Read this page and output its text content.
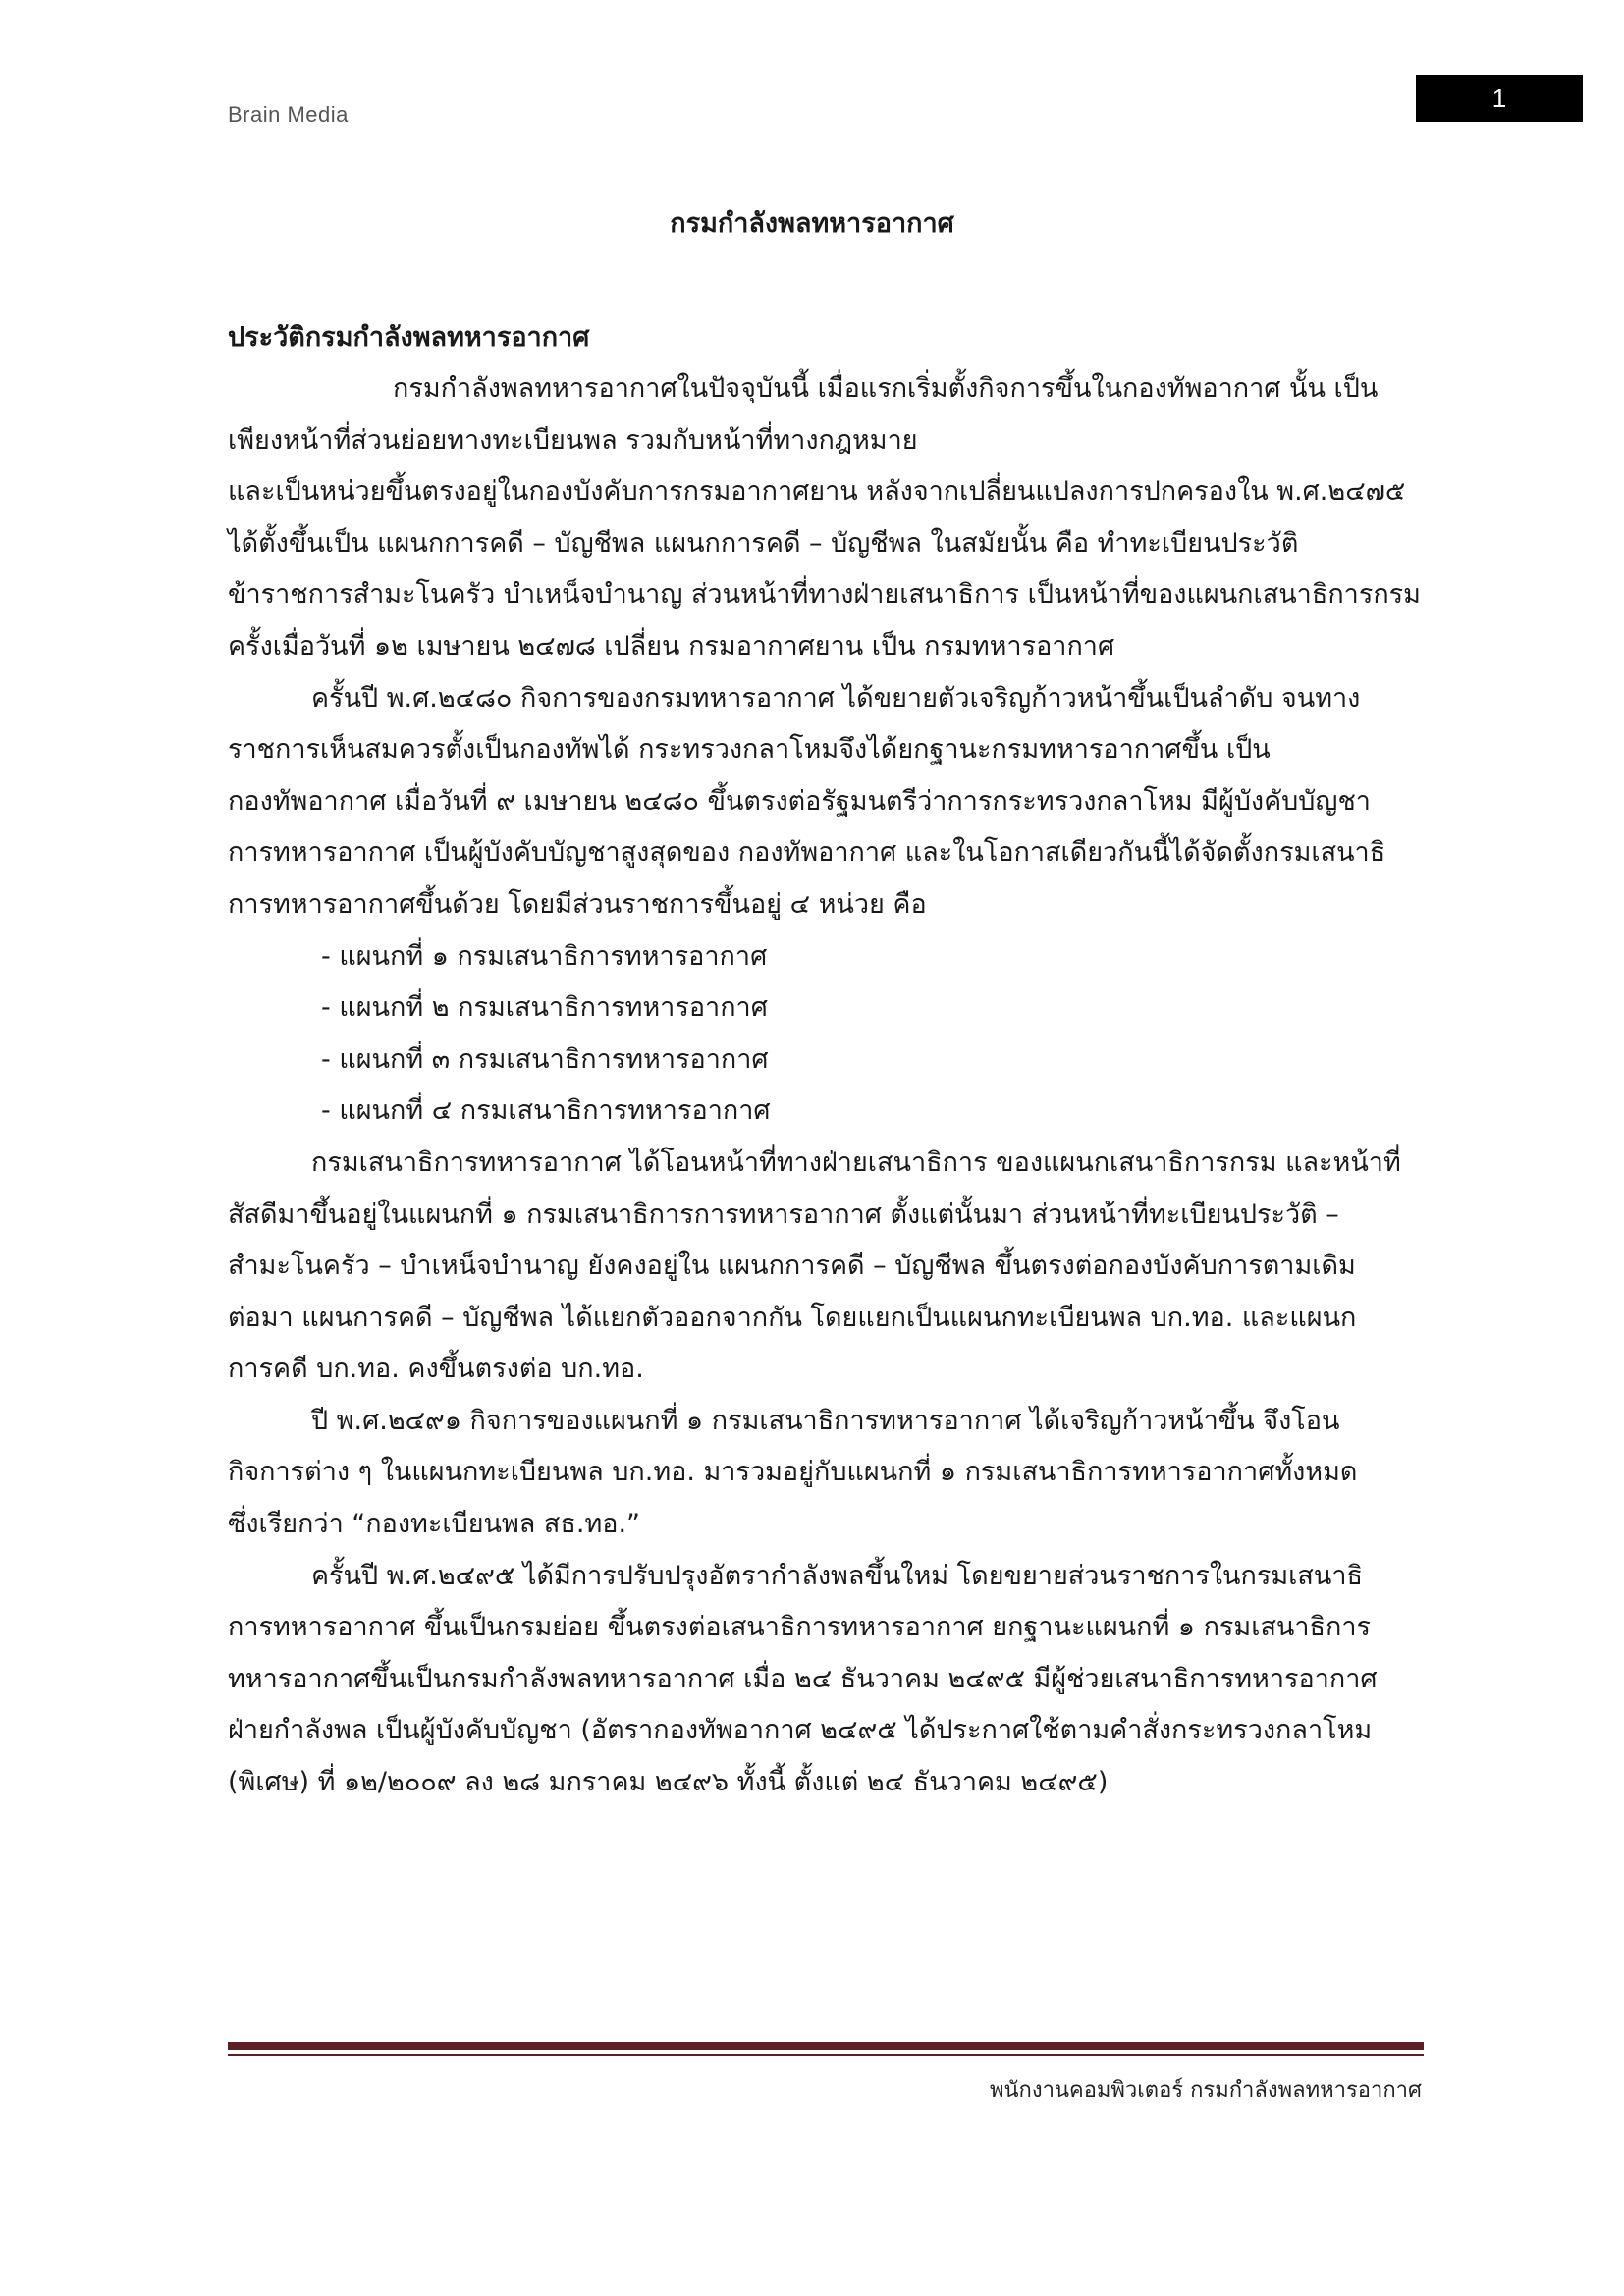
Brain Media
1
กรมกำลังพลทหารอากาศ
ประวัติกรมกำลังพลทหารอากาศ
กรมกำลังพลทหารอากาศในปัจจุบันนี้ เมื่อแรกเริ่มตั้งกิจการขึ้นในกองทัพอากาศ นั้น เป็น
เพียงหน้าที่ส่วนย่อยทางทะเบียนพล รวมกับหน้าที่ทางกฎหมาย
และเป็นหน่วยขึ้นตรงอยู่ในกองบังคับการกรมอากาศยาน หลังจากเปลี่ยนแปลงการปกครองใน พ.ศ.๒๔๗๕
ได้ตั้งขึ้นเป็น แผนกการคดี – บัญชีพล แผนกการคดี – บัญชีพล ในสมัยนั้น คือ ทำทะเบียนประวัติ
ข้าราชการสำมะโนครัว บำเหน็จบำนาญ ส่วนหน้าที่ทางฝ่ายเสนาธิการ เป็นหน้าที่ของแผนกเสนาธิการกรม
ครั้งเมื่อวันที่ ๑๒ เมษายน ๒๔๗๘ เปลี่ยน กรมอากาศยาน เป็น กรมทหารอากาศ
ครั้นปี พ.ศ.๒๔๘๐ กิจการของกรมทหารอากาศ ได้ขยายตัวเจริญก้าวหน้าขึ้นเป็นลำดับ จนทาง
ราชการเห็นสมควรตั้งเป็นกองทัพได้ กระทรวงกลาโหมจึงได้ยกฐานะกรมทหารอากาศขึ้น เป็น
กองทัพอากาศ เมื่อวันที่ ๙ เมษายน ๒๔๘๐ ขึ้นตรงต่อรัฐมนตรีว่าการกระทรวงกลาโหม มีผู้บังคับบัญชา
การทหารอากาศ เป็นผู้บังคับบัญชาสูงสุดของ กองทัพอากาศ และในโอกาสเดียวกันนี้ได้จัดตั้งกรมเสนาธิ
การทหารอากาศขึ้นด้วย โดยมีส่วนราชการขึ้นอยู่ ๔ หน่วย คือ
- แผนกที่ ๑ กรมเสนาธิการทหารอากาศ
- แผนกที่ ๒ กรมเสนาธิการทหารอากาศ
- แผนกที่ ๓ กรมเสนาธิการทหารอากาศ
- แผนกที่ ๔ กรมเสนาธิการทหารอากาศ
กรมเสนาธิการทหารอากาศ ได้โอนหน้าที่ทางฝ่ายเสนาธิการ ของแผนกเสนาธิการกรม และหน้าที่
สัสดีมาขึ้นอยู่ในแผนกที่ ๑ กรมเสนาธิการการทหารอากาศ ตั้งแต่นั้นมา ส่วนหน้าที่ทะเบียนประวัติ –
สำมะโนครัว – บำเหน็จบำนาญ ยังคงอยู่ใน แผนกการคดี – บัญชีพล ขึ้นตรงต่อกองบังคับการตามเดิม
ต่อมา แผนการคดี – บัญชีพล ได้แยกตัวออกจากกัน โดยแยกเป็นแผนกทะเบียนพล บก.ทอ. และแผนก
การคดี บก.ทอ. คงขึ้นตรงต่อ บก.ทอ.
ปี พ.ศ.๒๔๙๑ กิจการของแผนกที่ ๑ กรมเสนาธิการทหารอากาศ ได้เจริญก้าวหน้าขึ้น จึงโอน
กิจการต่าง ๆ ในแผนกทะเบียนพล บก.ทอ. มารวมอยู่กับแผนกที่ ๑ กรมเสนาธิการทหารอากาศทั้งหมด
ซึ่งเรียกว่า “กองทะเบียนพล สธ.ทอ.”
ครั้นปี พ.ศ.๒๔๙๕ ได้มีการปรับปรุงอัตรากำลังพลขึ้นใหม่ โดยขยายส่วนราชการในกรมเสนาธิ
การทหารอากาศ ขึ้นเป็นกรมย่อย ขึ้นตรงต่อเสนาธิการทหารอากาศ ยกฐานะแผนกที่ ๑ กรมเสนาธิการ
ทหารอากาศขึ้นเป็นกรมกำลังพลทหารอากาศ เมื่อ ๒๔ ธันวาคม ๒๔๙๕ มีผู้ช่วยเสนาธิการทหารอากาศ
ฝ่ายกำลังพล เป็นผู้บังคับบัญชา (อัตรากองทัพอากาศ ๒๔๙๕ ได้ประกาศใช้ตามคำสั่งกระทรวงกลาโหม
(พิเศษ) ที่ ๑๒/๒๐๐๙ ลง ๒๘ มกราคม ๒๔๙๖ ทั้งนี้ ตั้งแต่ ๒๔ ธันวาคม ๒๔๙๕)
พนักงานคอมพิวเตอร์ กรมกำลังพลทหารอากาศ
